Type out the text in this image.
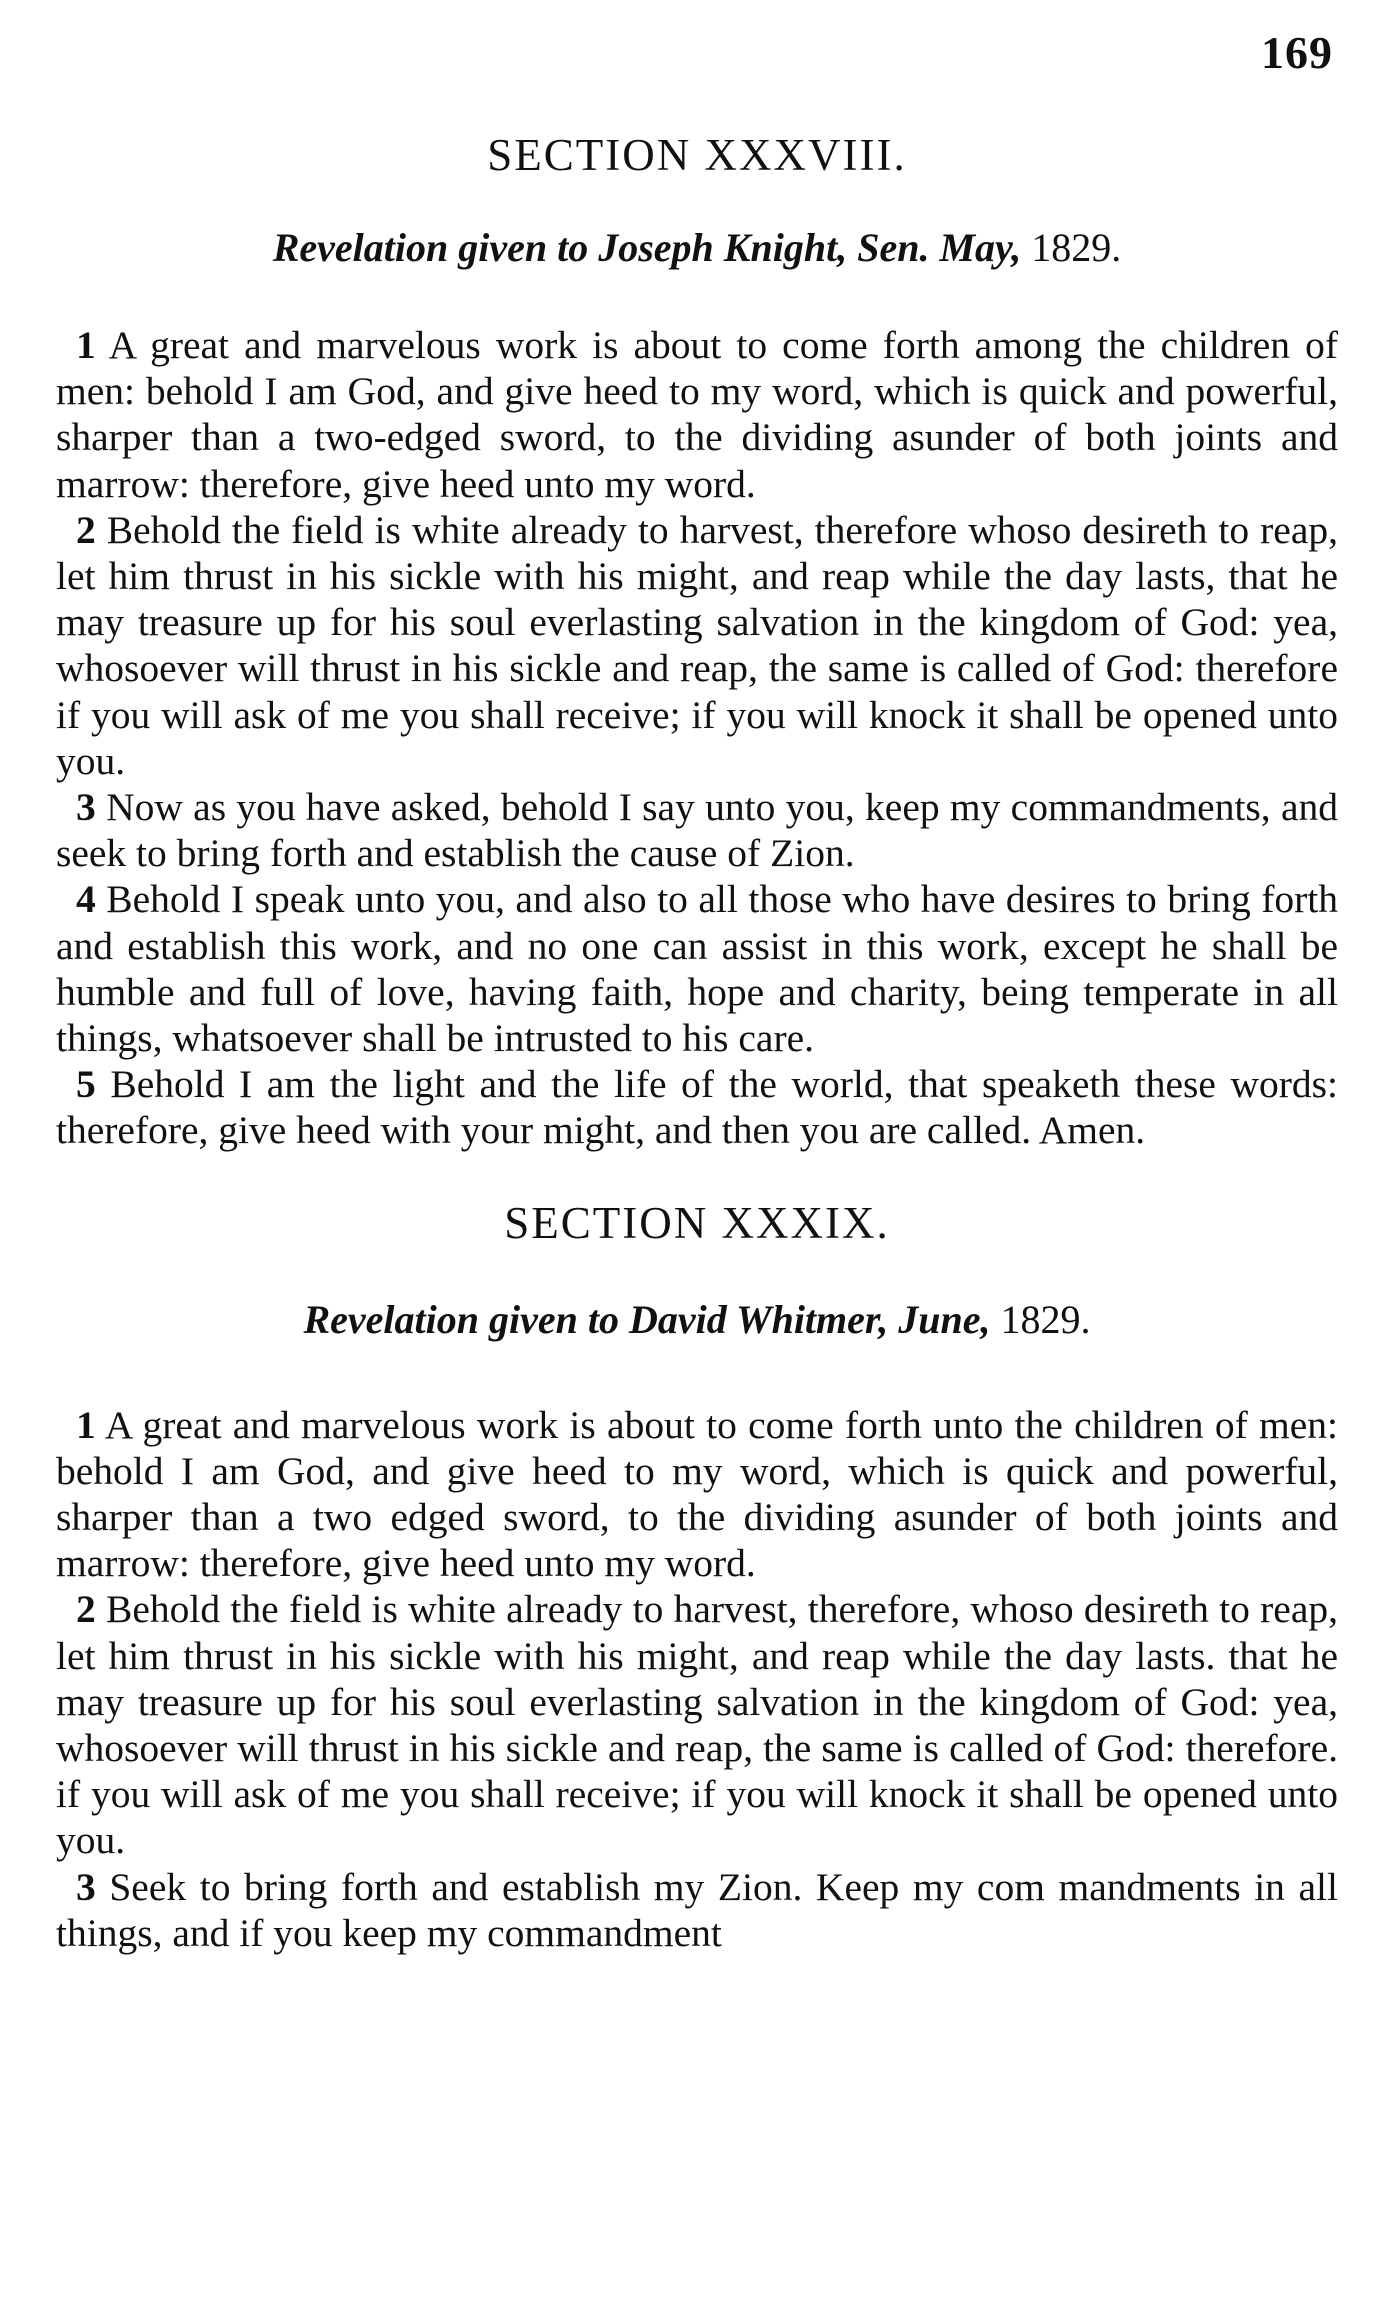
169
SECTION XXXVIII.

Revelation given to Joseph Knight, Sen. May, 1829.

1 A great and marvelous work is about to come forth among the children of men: behold I am God, and give heed to my word, which is quick and powerful, sharper than a two-edged sword, to the dividing asunder of both joints and marrow: therefore, give heed unto my word.

2 Behold the field is white already to harvest, therefore whoso desireth to reap, let him thrust in his sickle with his might, and reap while the day lasts, that he may treasure up for his soul everlasting salvation in the kingdom of God: yea, whosoever will thrust in his sickle and reap, the same is called of God: therefore if you will ask of me you shall receive; if you will knock it shall be opened unto you.

3 Now as you have asked, behold I say unto you, keep my commandments, and seek to bring forth and establish the cause of Zion.

4 Behold I speak unto you, and also to all those who have desires to bring forth and establish this work, and no one can assist in this work, except he shall be humble and full of love, having faith, hope and charity, being temperate in all things, whatsoever shall be intrusted to his care.

5 Behold I am the light and the life of the world, that speaketh these words: therefore, give heed with your might, and then you are called. Amen.

SECTION XXXIX.

Revelation given to David Whitmer, June, 1829.

1 A great and marvelous work is about to come forth unto the children of men: behold I am God, and give heed to my word, which is quick and powerful, sharper than a two edged sword, to the dividing asunder of both joints and marrow: therefore, give heed unto my word.

2 Behold the field is white already to harvest, therefore, whoso desireth to reap, let him thrust in his sickle with his might, and reap while the day lasts. that he may treasure up for his soul everlasting salvation in the kingdom of God: yea, whosoever will thrust in his sickle and reap, the same is called of God: therefore. if you will ask of me you shall receive; if you will knock it shall be opened unto you.

3 Seek to bring forth and establish my Zion. Keep my com mandments in all things, and if you keep my commandment
